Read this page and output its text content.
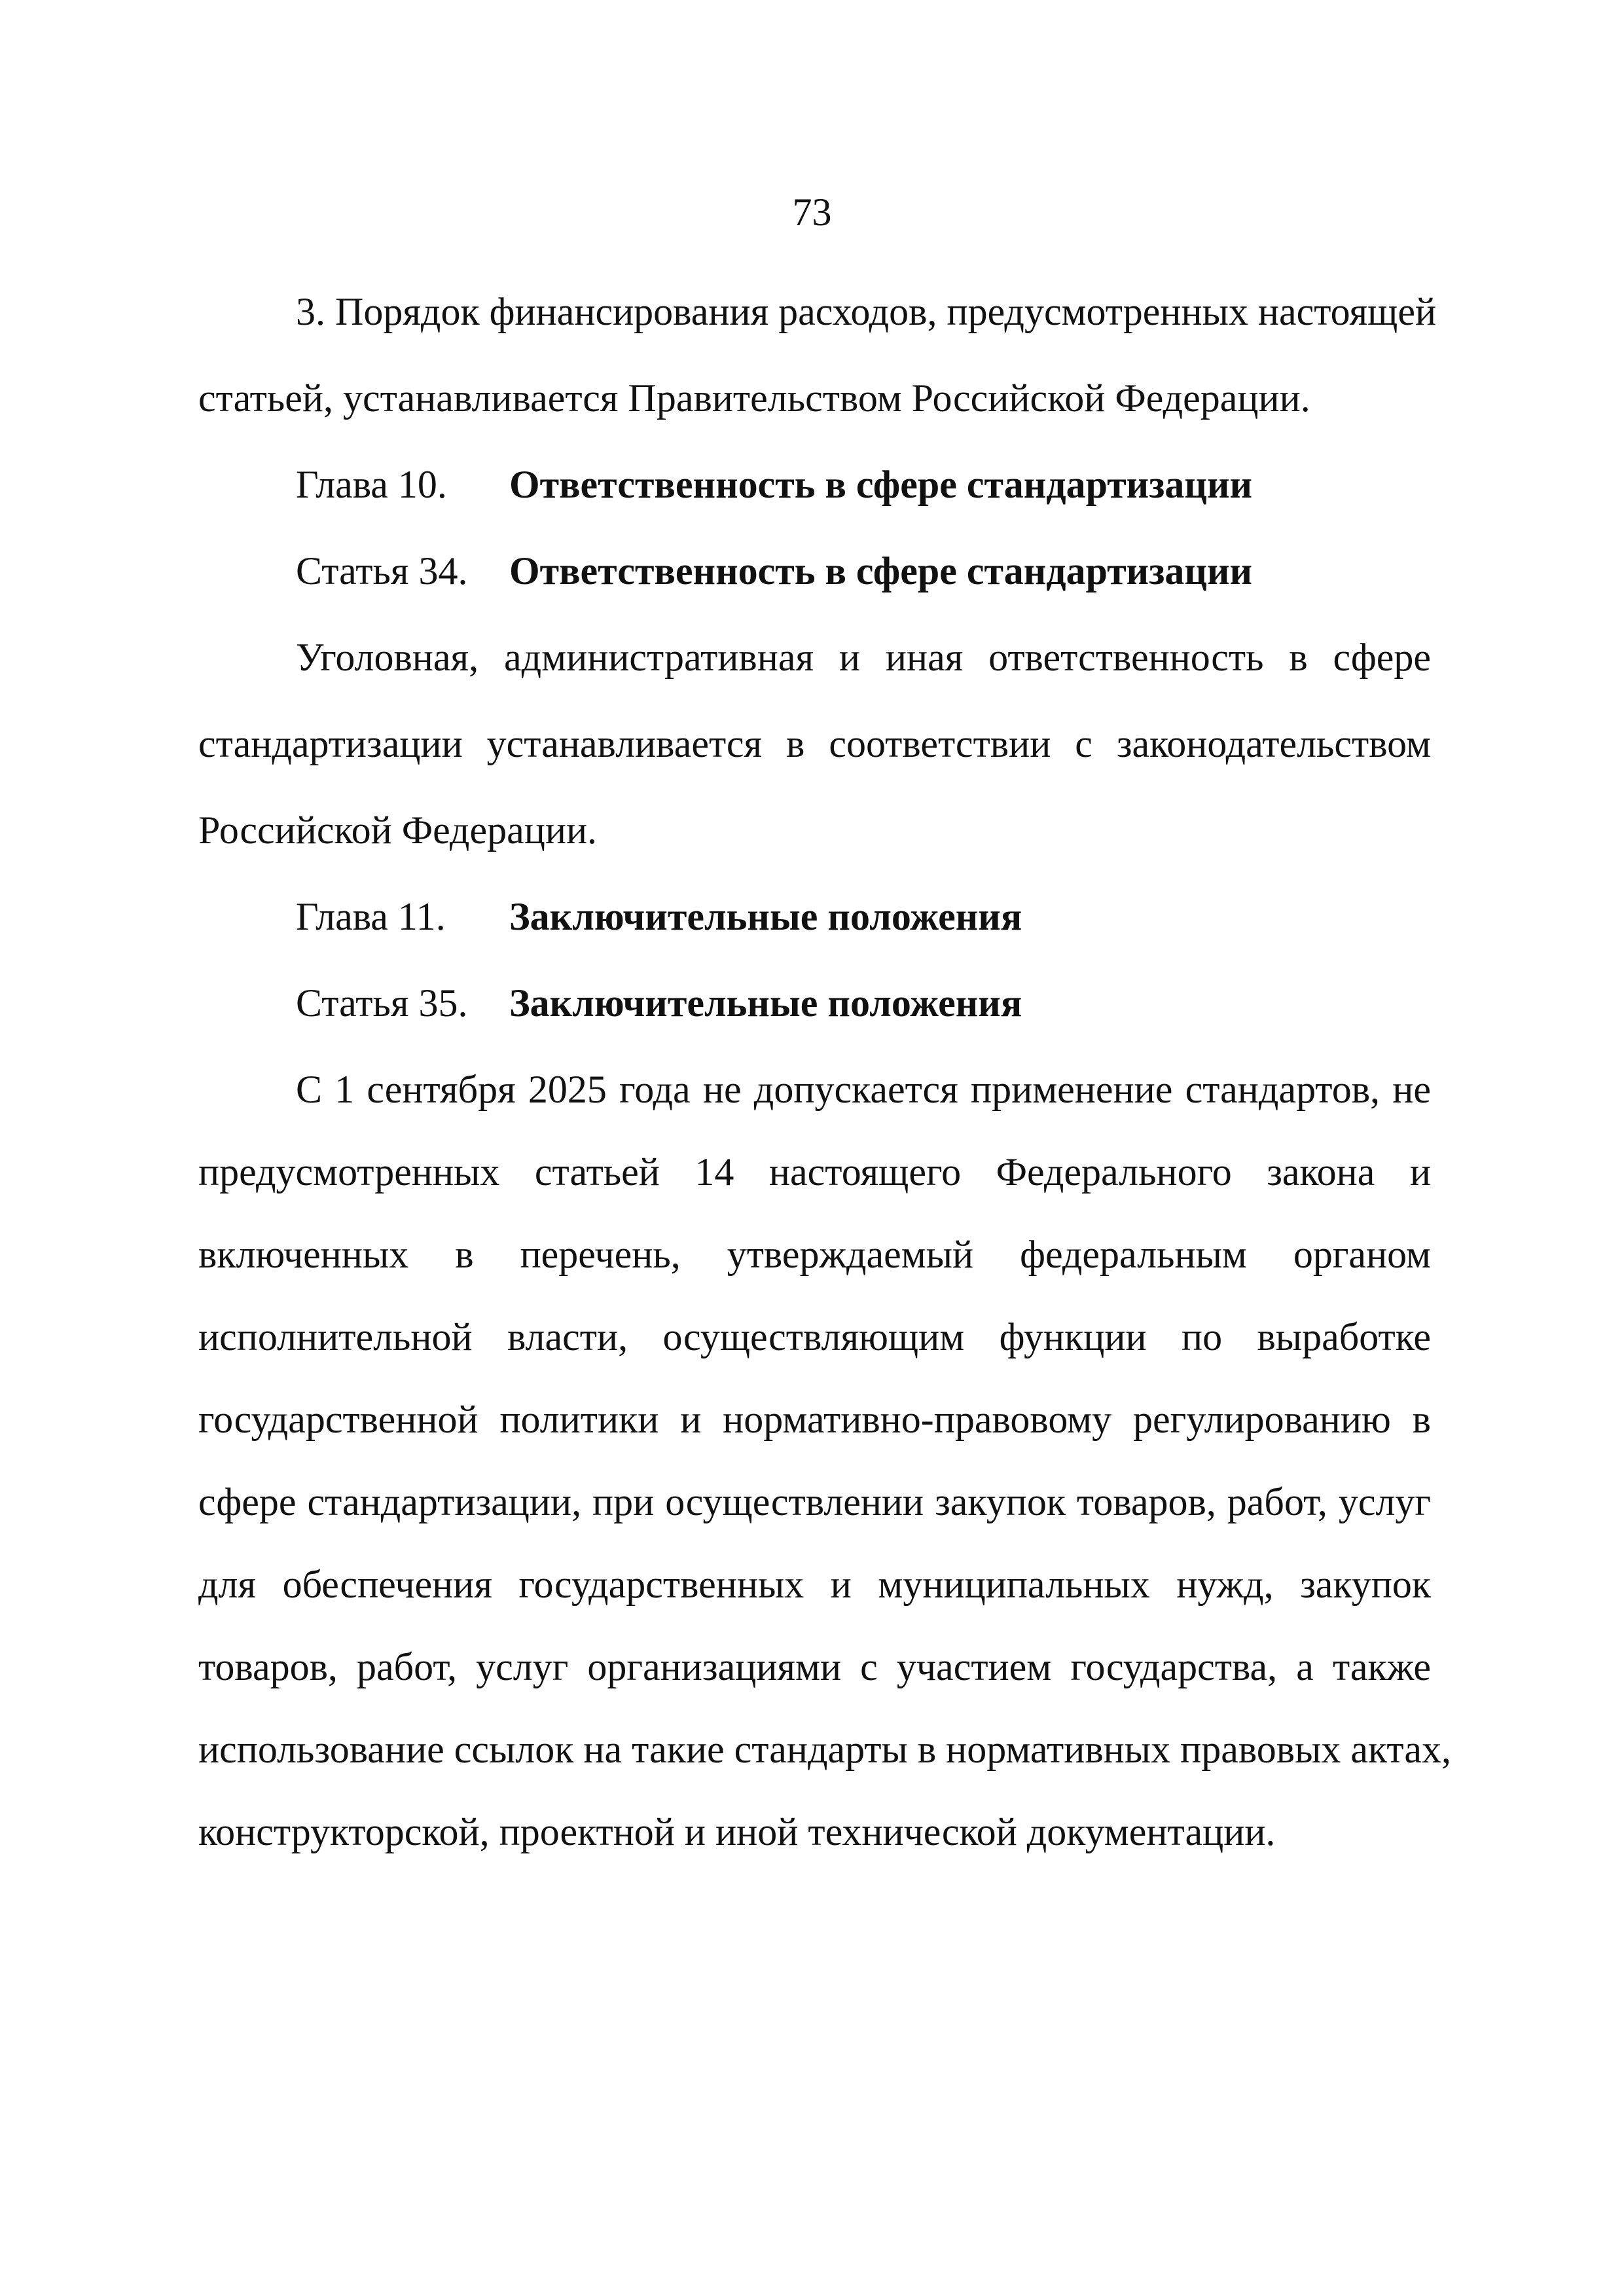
73
3. Порядок финансирования расходов, предусмотренных настоящей
статьей, устанавливается Правительством Российской Федерации.
Глава 10. Ответственность в сфере стандартизации
Статья 34. Ответственность в сфере стандартизации
Уголовная, административная и иная ответственность в сфере
стандартизации устанавливается в соответствии с законодательством
Российской Федерации.
Глава 11. Заключительные положения
Статья 35. Заключительные положения
С 1 сентября 2025 года не допускается применение стандартов, не
предусмотренных статьей 14 настоящего Федерального закона и
включенных в перечень, утверждаемый федеральным органом
исполнительной власти, осуществляющим функции по выработке
государственной политики и нормативно-правовому регулированию в
сфере стандартизации, при осуществлении закупок товаров, работ, услуг
для обеспечения государственных и муниципальных нужд, закупок
товаров, работ, услуг организациями с участием государства, а также
использование ссылок на такие стандарты в нормативных правовых актах,
конструкторской, проектной и иной технической документации.
